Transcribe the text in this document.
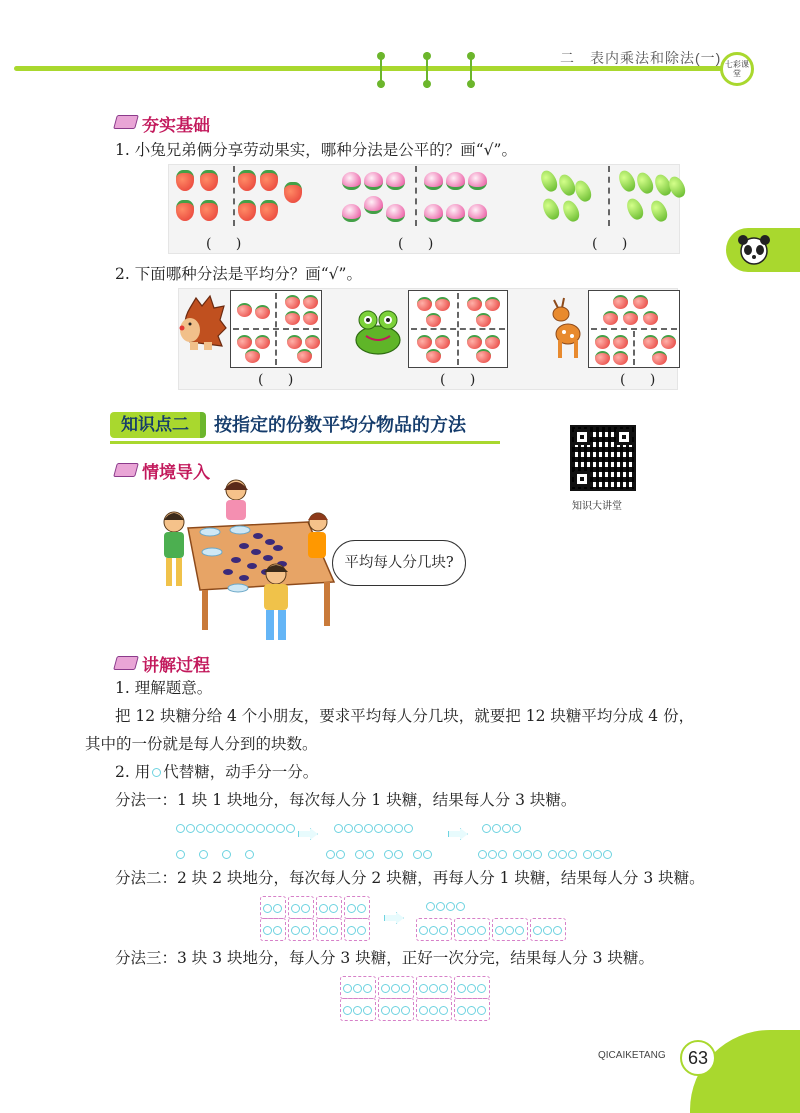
二　表内乘法和除法(一) 七彩课堂
夯实基础
1. 小兔兄弟俩分享劳动果实，哪种分法是公平的？画“√”。
( )	( )	( )
2. 下面哪种分法是平均分？画“√”。
( )	( )	( )
知识点二	按指定的份数平均分物品的方法
知识大讲堂
情境导入
平均每人分几块?
讲解过程
1. 理解题意。
把 12 块糖分给 4 个小朋友，要求平均每人分几块，就要把 12 块糖平均分成 4 份，
其中的一份就是每人分到的块数。
2. 用 代替糖，动手分一分。
分法一：1 块 1 块地分，每次每人分 1 块糖，结果每人分 3 块糖。
分法二：2 块 2 块地分，每次每人分 2 块糖，再每人分 1 块糖，结果每人分 3 块糖。
分法三：3 块 3 块地分，每人分 3 块糖，正好一次分完，结果每人分 3 块糖。
QICAIKETANG	63
